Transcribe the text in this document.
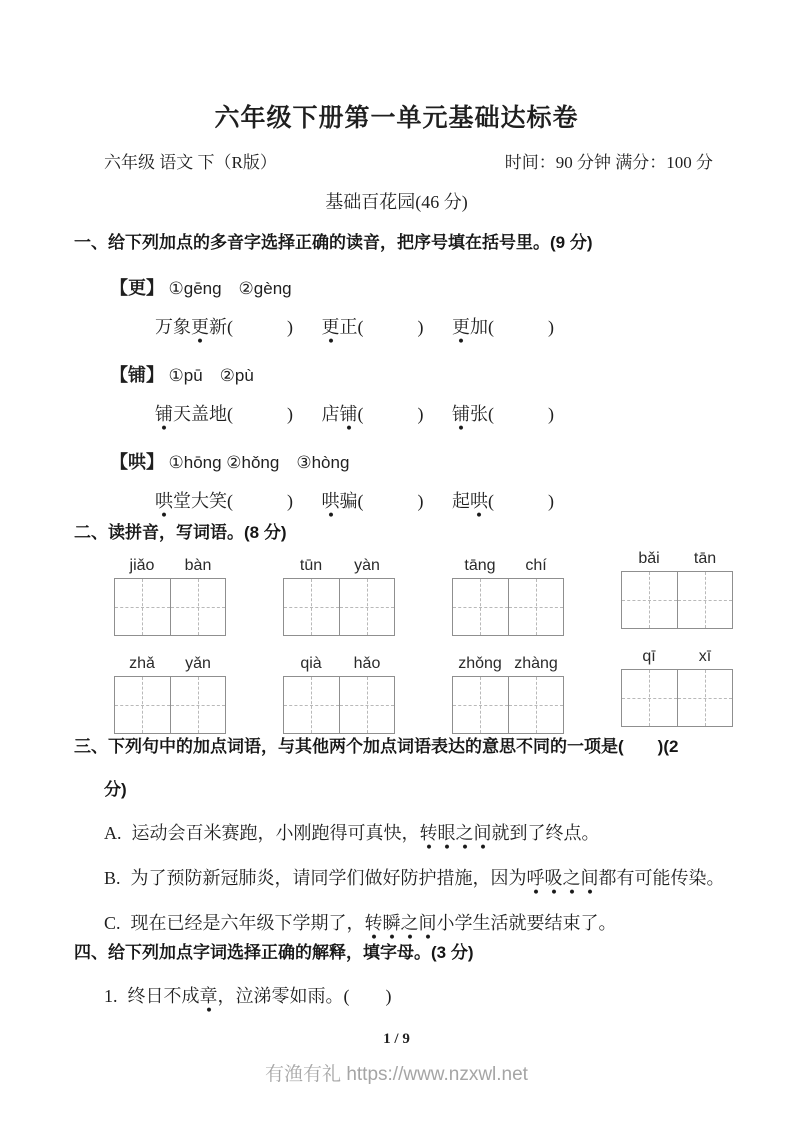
六年级下册第一单元基础达标卷
六年级 语文 下（R版）	时间：90 分钟 满分：100 分
基础百花园(46 分)
一、给下列加点的多音字选择正确的读音，把序号填在括号里。(9 分)
【更】 ①gēng　②gèng
万象更新(　　　) 更正(　　　) 更加(　　　)
【铺】 ①pū　②pù
铺天盖地(　　　) 店铺(　　　) 铺张(　　　)
【哄】 ①hōng ②hǒng　③hòng
哄堂大笑(　　　) 哄骗(　　　) 起哄(　　　)
二、读拼音，写词语。(8 分)
jiǎo	bàn	tūn	yàn	tāng	chí	bǎi	tān
zhǎ	yǎn	qià	hǎo	zhǒng zhàng	qī	xī
三、下列句中的加点词语，与其他两个加点词语表达的意思不同的一项是(　　)(2
分)
A. 运动会百米赛跑，小刚跑得可真快，转眼之间就到了终点。
B. 为了预防新冠肺炎，请同学们做好防护措施，因为呼吸之间都有可能传染。
C. 现在已经是六年级下学期了，转瞬之间小学生活就要结束了。
四、给下列加点字词选择正确的解释，填字母。(3 分)
1. 终日不成章，泣涕零如雨。(　　)
1 / 9
有渔有礼 https://www.nzxwl.net
